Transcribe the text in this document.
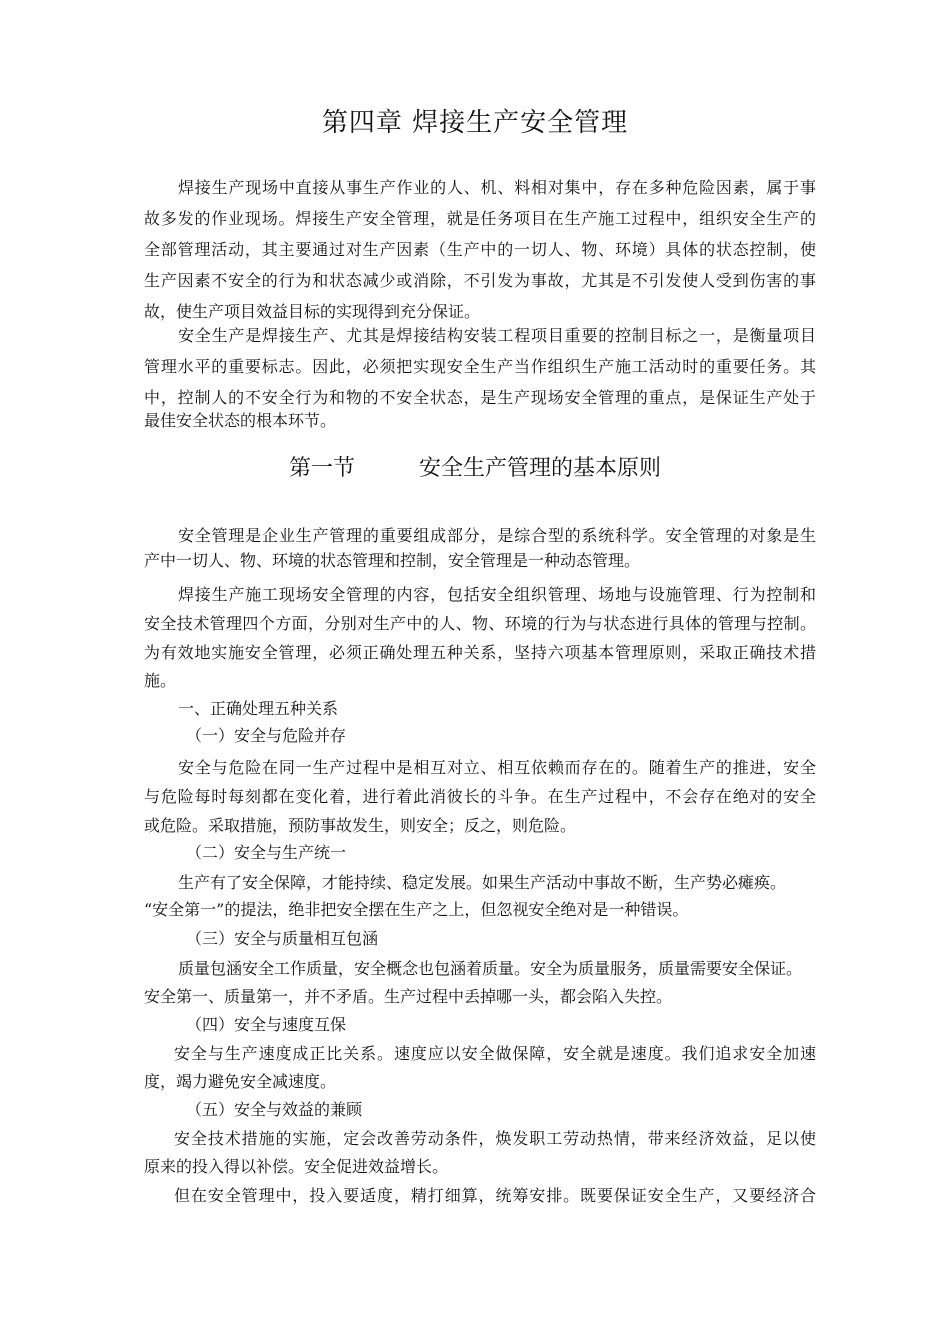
第四章 焊接生产安全管理
焊接生产现场中直接从事生产作业的人、机、料相对集中，存在多种危险因素，属于事
故多发的作业现场。焊接生产安全管理，就是任务项目在生产施工过程中，组织安全生产的
全部管理活动，其主要通过对生产因素（生产中的一切人、物、环境）具体的状态控制，使
生产因素不安全的行为和状态减少或消除，不引发为事故，尤其是不引发使人受到伤害的事
故，使生产项目效益目标的实现得到充分保证。
安全生产是焊接生产、尤其是焊接结构安装工程项目重要的控制目标之一，是衡量项目
管理水平的重要标志。因此，必须把实现安全生产当作组织生产施工活动时的重要任务。其
中，控制人的不安全行为和物的不安全状态，是生产现场安全管理的重点，是保证生产处于
最佳安全状态的根本环节。
第一节	安全生产管理的基本原则
安全管理是企业生产管理的重要组成部分，是综合型的系统科学。安全管理的对象是生
产中一切人、物、环境的状态管理和控制，安全管理是一种动态管理。
焊接生产施工现场安全管理的内容，包括安全组织管理、场地与设施管理、行为控制和
安全技术管理四个方面，分别对生产中的人、物、环境的行为与状态进行具体的管理与控制。
为有效地实施安全管理，必须正确处理五种关系，坚持六项基本管理原则，采取正确技术措
施。
一、正确处理五种关系
（一）安全与危险并存
安全与危险在同一生产过程中是相互对立、相互依赖而存在的。随着生产的推进，安全
与危险每时每刻都在变化着，进行着此消彼长的斗争。在生产过程中，不会存在绝对的安全
或危险。采取措施，预防事故发生，则安全；反之，则危险。
（二）安全与生产统一
生产有了安全保障，才能持续、稳定发展。如果生产活动中事故不断，生产势必瘫痪。
“安全第一”的提法，绝非把安全摆在生产之上，但忽视安全绝对是一种错误。
（三）安全与质量相互包涵
质量包涵安全工作质量，安全概念也包涵着质量。安全为质量服务，质量需要安全保证。
安全第一、质量第一，并不矛盾。生产过程中丢掉哪一头，都会陷入失控。
（四）安全与速度互保
安全与生产速度成正比关系。速度应以安全做保障，安全就是速度。我们追求安全加速
度，竭力避免安全减速度。
（五）安全与效益的兼顾
安全技术措施的实施，定会改善劳动条件，焕发职工劳动热情，带来经济效益，足以使
原来的投入得以补偿。安全促进效益增长。
但在安全管理中，投入要适度，精打细算，统筹安排。既要保证安全生产，又要经济合
